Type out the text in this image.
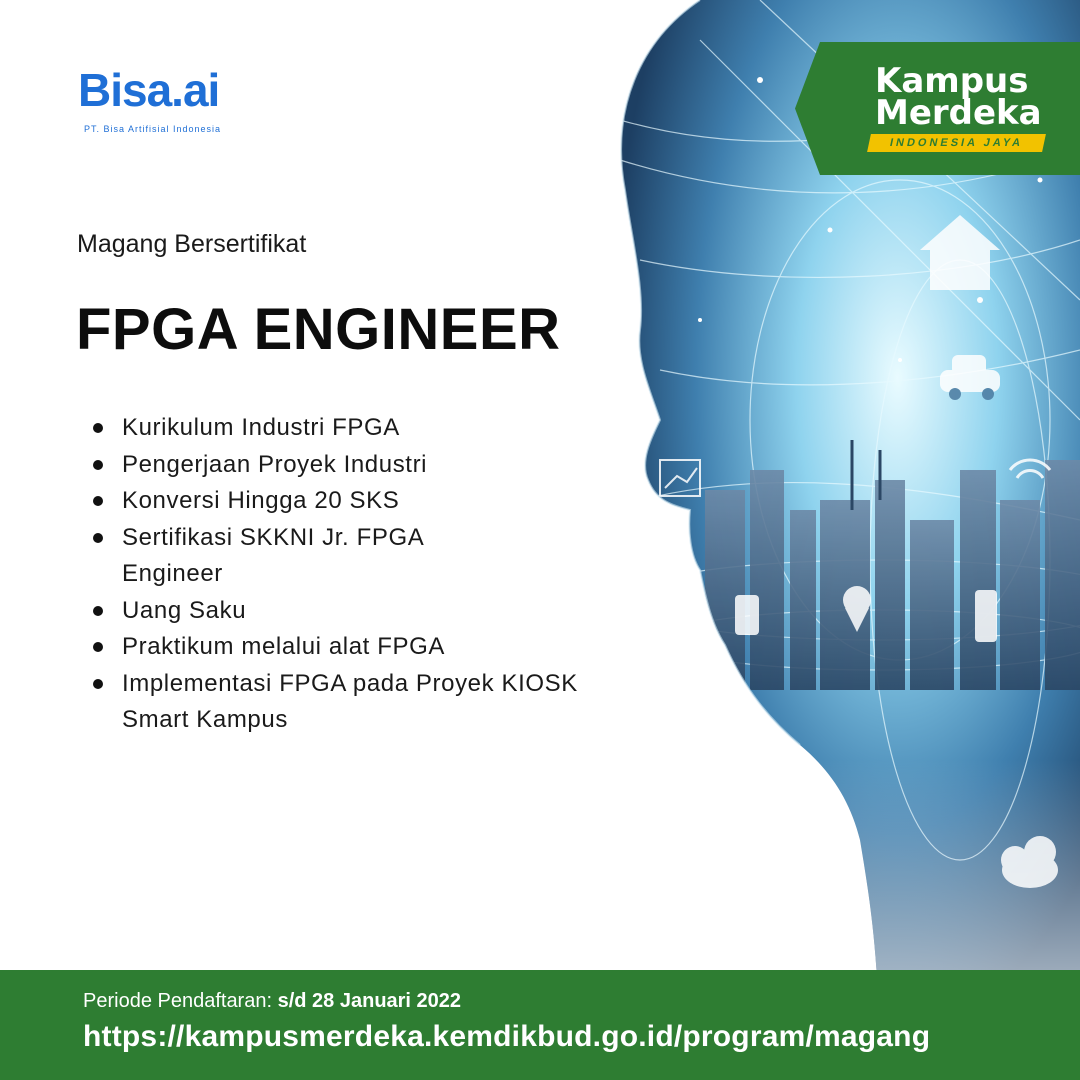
Bisa.ai
PT. Bisa Artifisial Indonesia
Kampus
Merdeka
INDONESIA JAYA
Magang Bersertifikat
FPGA ENGINEER
Kurikulum Industri FPGA
Pengerjaan Proyek Industri
Konversi Hingga 20 SKS
Sertifikasi SKKNI Jr. FPGA Engineer
Uang Saku
Praktikum melalui alat FPGA
Implementasi FPGA pada Proyek KIOSK Smart Kampus
Periode Pendaftaran: s/d 28 Januari 2022
https://kampusmerdeka.kemdikbud.go.id/program/magang
